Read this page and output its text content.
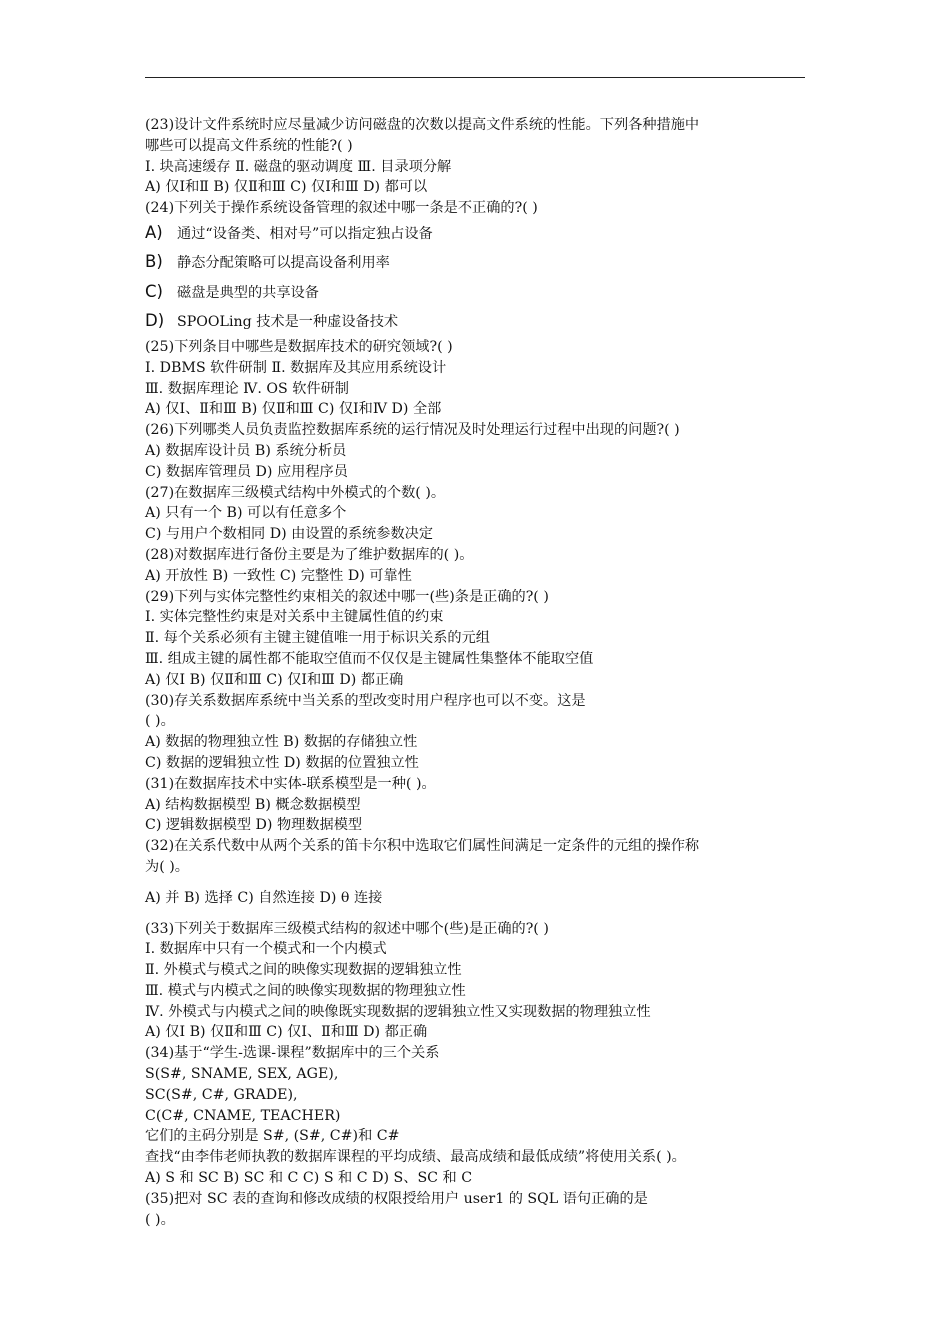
(23)设计文件系统时应尽量减少访问磁盘的次数以提高文件系统的性能。下列各种措施中
哪些可以提高文件系统的性能?( )
Ⅰ. 块高速缓存 Ⅱ. 磁盘的驱动调度 Ⅲ. 目录项分解
A) 仅Ⅰ和Ⅱ B) 仅Ⅱ和Ⅲ C) 仅Ⅰ和Ⅲ D) 都可以
(24)下列关于操作系统设备管理的叙述中哪一条是不正确的?( )
A) 通过“设备类、相对号”可以指定独占设备
B) 静态分配策略可以提高设备利用率
C) 磁盘是典型的共享设备
D) SPOOLing 技术是一种虚设备技术
(25)下列条目中哪些是数据库技术的研究领域?( )
Ⅰ. DBMS 软件研制 Ⅱ. 数据库及其应用系统设计
Ⅲ. 数据库理论 Ⅳ. OS 软件研制
A) 仅Ⅰ、Ⅱ和Ⅲ B) 仅Ⅱ和Ⅲ C) 仅Ⅰ和Ⅳ D) 全部
(26)下列哪类人员负责监控数据库系统的运行情况及时处理运行过程中出现的问题?( )
A) 数据库设计员 B) 系统分析员
C) 数据库管理员 D) 应用程序员
(27)在数据库三级模式结构中外模式的个数( )。
A) 只有一个 B) 可以有任意多个
C) 与用户个数相同 D) 由设置的系统参数决定
(28)对数据库进行备份主要是为了维护数据库的( )。
A) 开放性 B) 一致性 C) 完整性 D) 可靠性
(29)下列与实体完整性约束相关的叙述中哪一(些)条是正确的?( )
Ⅰ. 实体完整性约束是对关系中主键属性值的约束
Ⅱ. 每个关系必须有主键主键值唯一用于标识关系的元组
Ⅲ. 组成主键的属性都不能取空值而不仅仅是主键属性集整体不能取空值
A) 仅Ⅰ B) 仅Ⅱ和Ⅲ C) 仅Ⅰ和Ⅲ D) 都正确
(30)存关系数据库系统中当关系的型改变时用户程序也可以不变。这是
( )。
A) 数据的物理独立性 B) 数据的存储独立性
C) 数据的逻辑独立性 D) 数据的位置独立性
(31)在数据库技术中实体-联系模型是一种( )。
A) 结构数据模型 B) 概念数据模型
C) 逻辑数据模型 D) 物理数据模型
(32)在关系代数中从两个关系的笛卡尔积中选取它们属性间满足一定条件的元组的操作称
为( )。
A) 并 B) 选择 C) 自然连接 D) θ 连接
(33)下列关于数据库三级模式结构的叙述中哪个(些)是正确的?( )
Ⅰ. 数据库中只有一个模式和一个内模式
Ⅱ. 外模式与模式之间的映像实现数据的逻辑独立性
Ⅲ. 模式与内模式之间的映像实现数据的物理独立性
Ⅳ. 外模式与内模式之间的映像既实现数据的逻辑独立性又实现数据的物理独立性
A) 仅Ⅰ B) 仅Ⅱ和Ⅲ C) 仅Ⅰ、Ⅱ和Ⅲ D) 都正确
(34)基于“学生-选课-课程”数据库中的三个关系
S(S#, SNAME, SEX, AGE),
SC(S#, C#, GRADE),
C(C#, CNAME, TEACHER)
它们的主码分别是 S#, (S#, C#)和 C#
查找“由李伟老师执教的数据库课程的平均成绩、最高成绩和最低成绩”将使用关系( )。
A) S 和 SC B) SC 和 C C) S 和 C D) S、SC 和 C
(35)把对 SC 表的查询和修改成绩的权限授给用户 user1 的 SQL 语句正确的是
( )。
